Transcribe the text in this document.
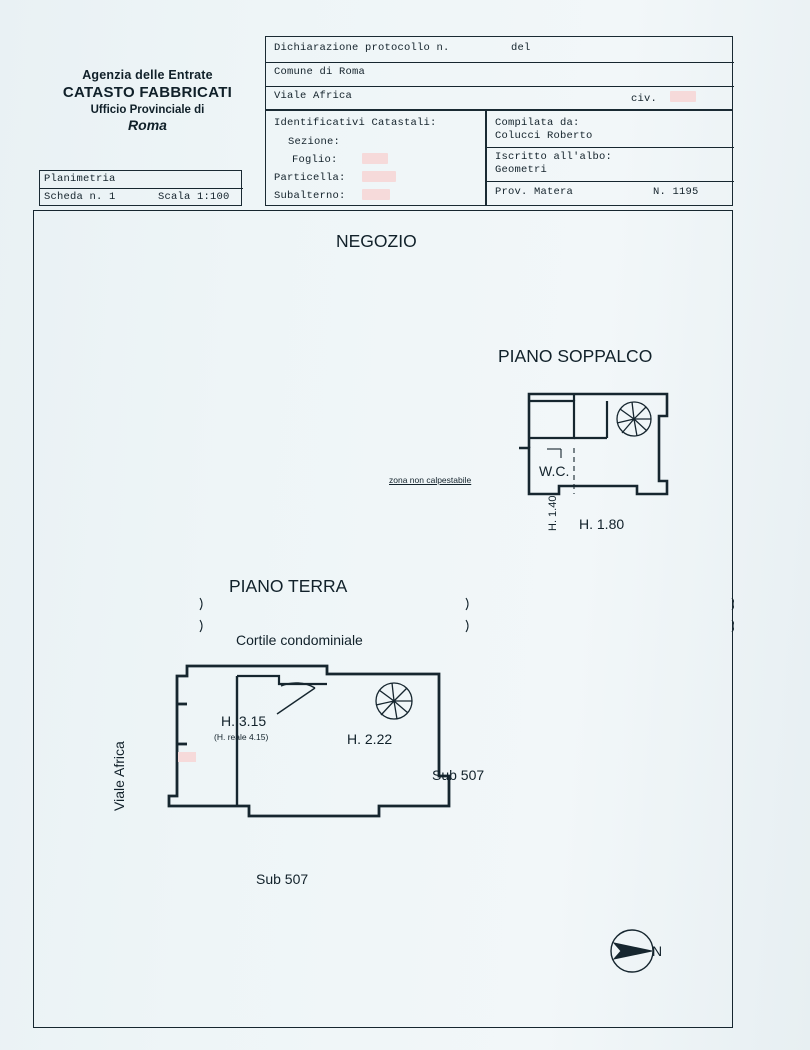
Agenzia delle Entrate
CATASTO FABBRICATI
Ufficio Provinciale di
Roma
Planimetria
Scheda n. 1	Scala 1:100
Dichiarazione protocollo n.	del
Comune di Roma
Viale Africa	civ.
Identificativi Catastali:
Sezione:
Foglio:
Particella:
Subalterno:
Compilata da:
Colucci Roberto
Iscritto all'albo:
Geometri
Prov. Matera	N. 1195
NEGOZIO
PIANO SOPPALCO
PIANO TERRA
Cortile condominiale
W.C.
zona non calpestabile
H. 1.40 H. 1.80
H. 3.15
(H. reale 4.15)	H. 2.22
Sub 507
Sub 507
Viale Africa
N
